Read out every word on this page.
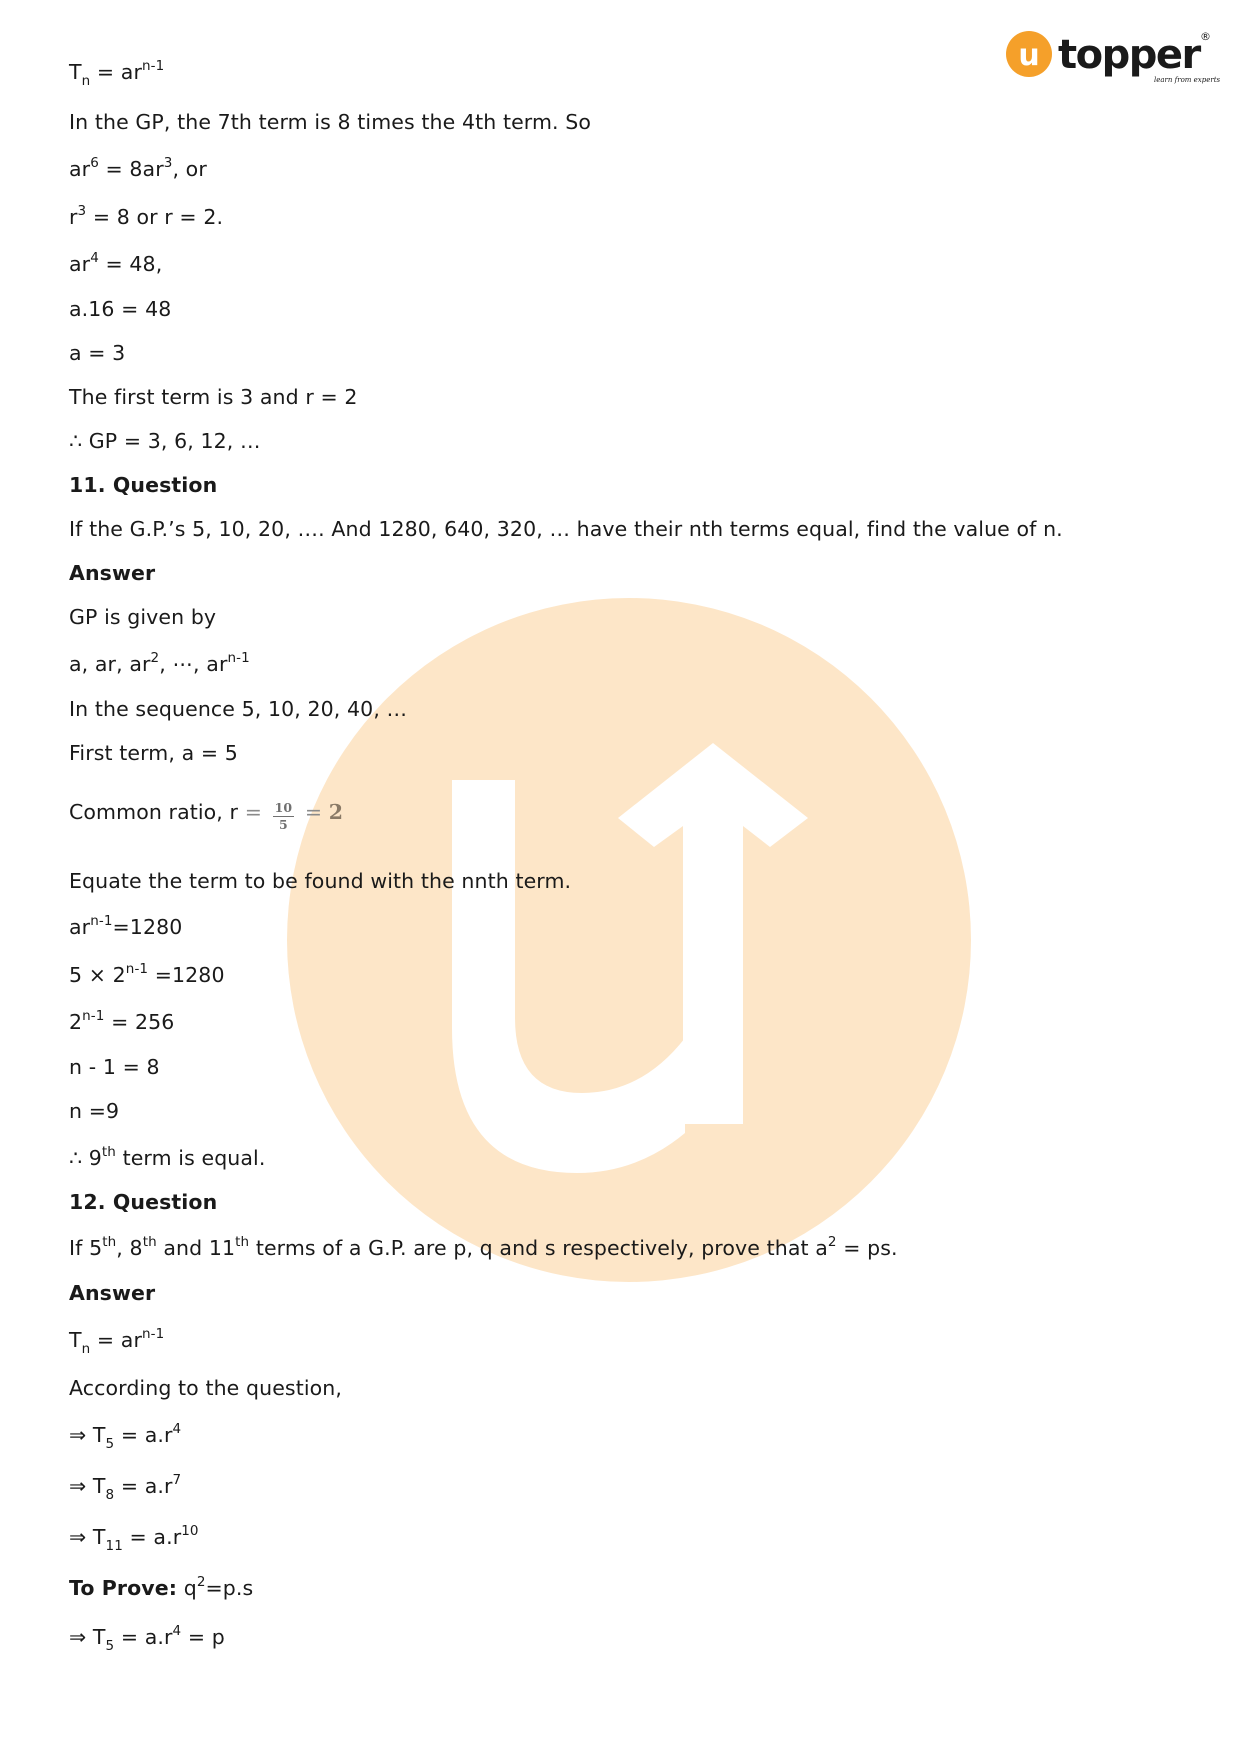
u topper ®
learn from experts
$T_n = ar^{n-1}$
In the GP, the 7th term is 8 times the 4th term. So
$ar^6 = 8ar^3$, or
$r^3 = 8$ or r = 2.
$ar^4 = 48$,
a.16 = 48
a = 3
The first term is 3 and r = 2
∴ GP = 3, 6, 12, …
11. Question
If the G.P.’s 5, 10, 20, …. And 1280, 640, 320, … have their nth terms equal, find the value of n.
Answer
GP is given by
a, ar, $ar^2$, ⋯, $ar^{n-1}$
In the sequence 5, 10, 20, 40, …
First term, a = 5
Common ratio, $r = \frac{10}{5} = 2$
Equate the term to be found with the nnth term.
$ar^{n-1}=1280$
$5 \times 2^{n-1} =1280$
$2^{n-1} = 256$
n - 1 = 8
n =9
∴ 9th term is equal.
12. Question
If 5th, 8th and 11th terms of a G.P. are p, q and s respectively, prove that $a^2$ = ps.
Answer
$T_n = ar^{n-1}$
According to the question,
⇒ $T_5 = a.r^4$
⇒ $T_8 = a.r^7$
⇒ $T_{11} = a.r^{10}$
To Prove: $q^2=p.s$
⇒ $T_5 = a.r^4 = p$
